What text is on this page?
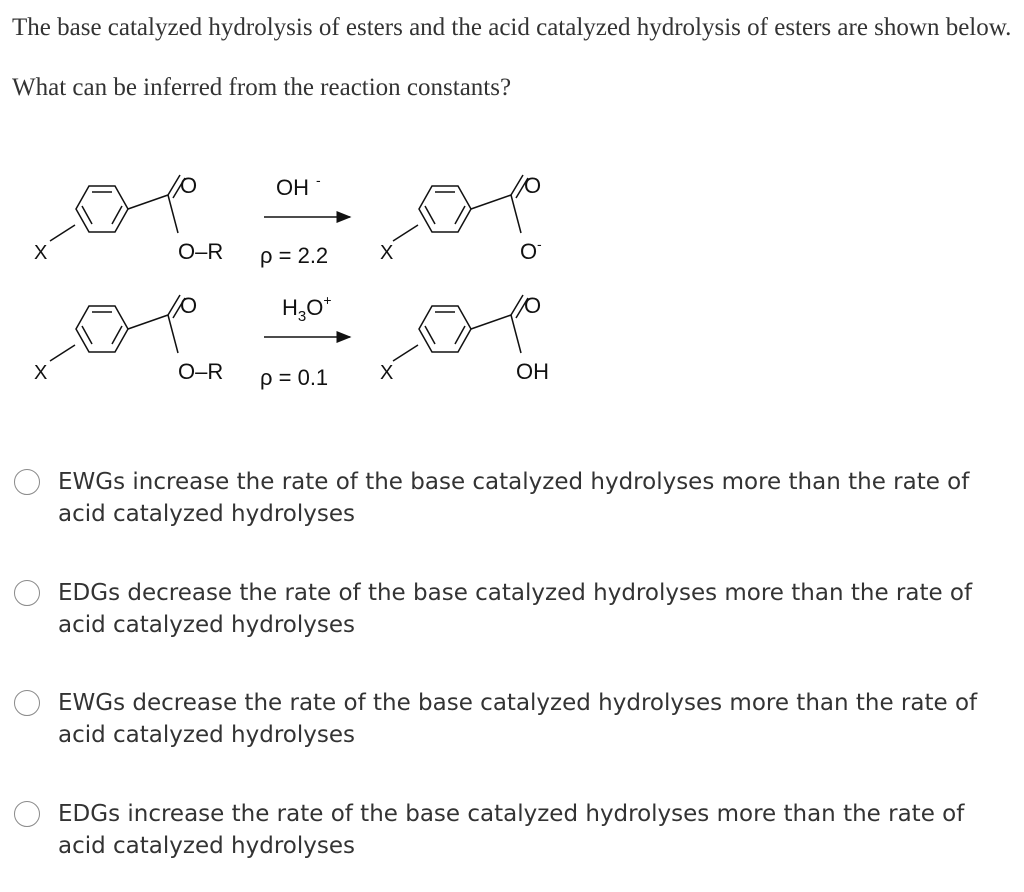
The base catalyzed hydrolysis of esters and the acid catalyzed hydrolysis of esters are shown below.

What can be inferred from the reaction constants?

X
O
O–R
OH -
ρ = 2.2	X
O
O -
X
O
O–R
$H_3O^+$
ρ = 0.1	X
O
OH
EWGs increase the rate of the base catalyzed hydrolyses more than the rate of acid catalyzed hydrolyses
EDGs decrease the rate of the base catalyzed hydrolyses more than the rate of acid catalyzed hydrolyses
EWGs decrease the rate of the base catalyzed hydrolyses more than the rate of acid catalyzed hydrolyses
EDGs increase the rate of the base catalyzed hydrolyses more than the rate of acid catalyzed hydrolyses
